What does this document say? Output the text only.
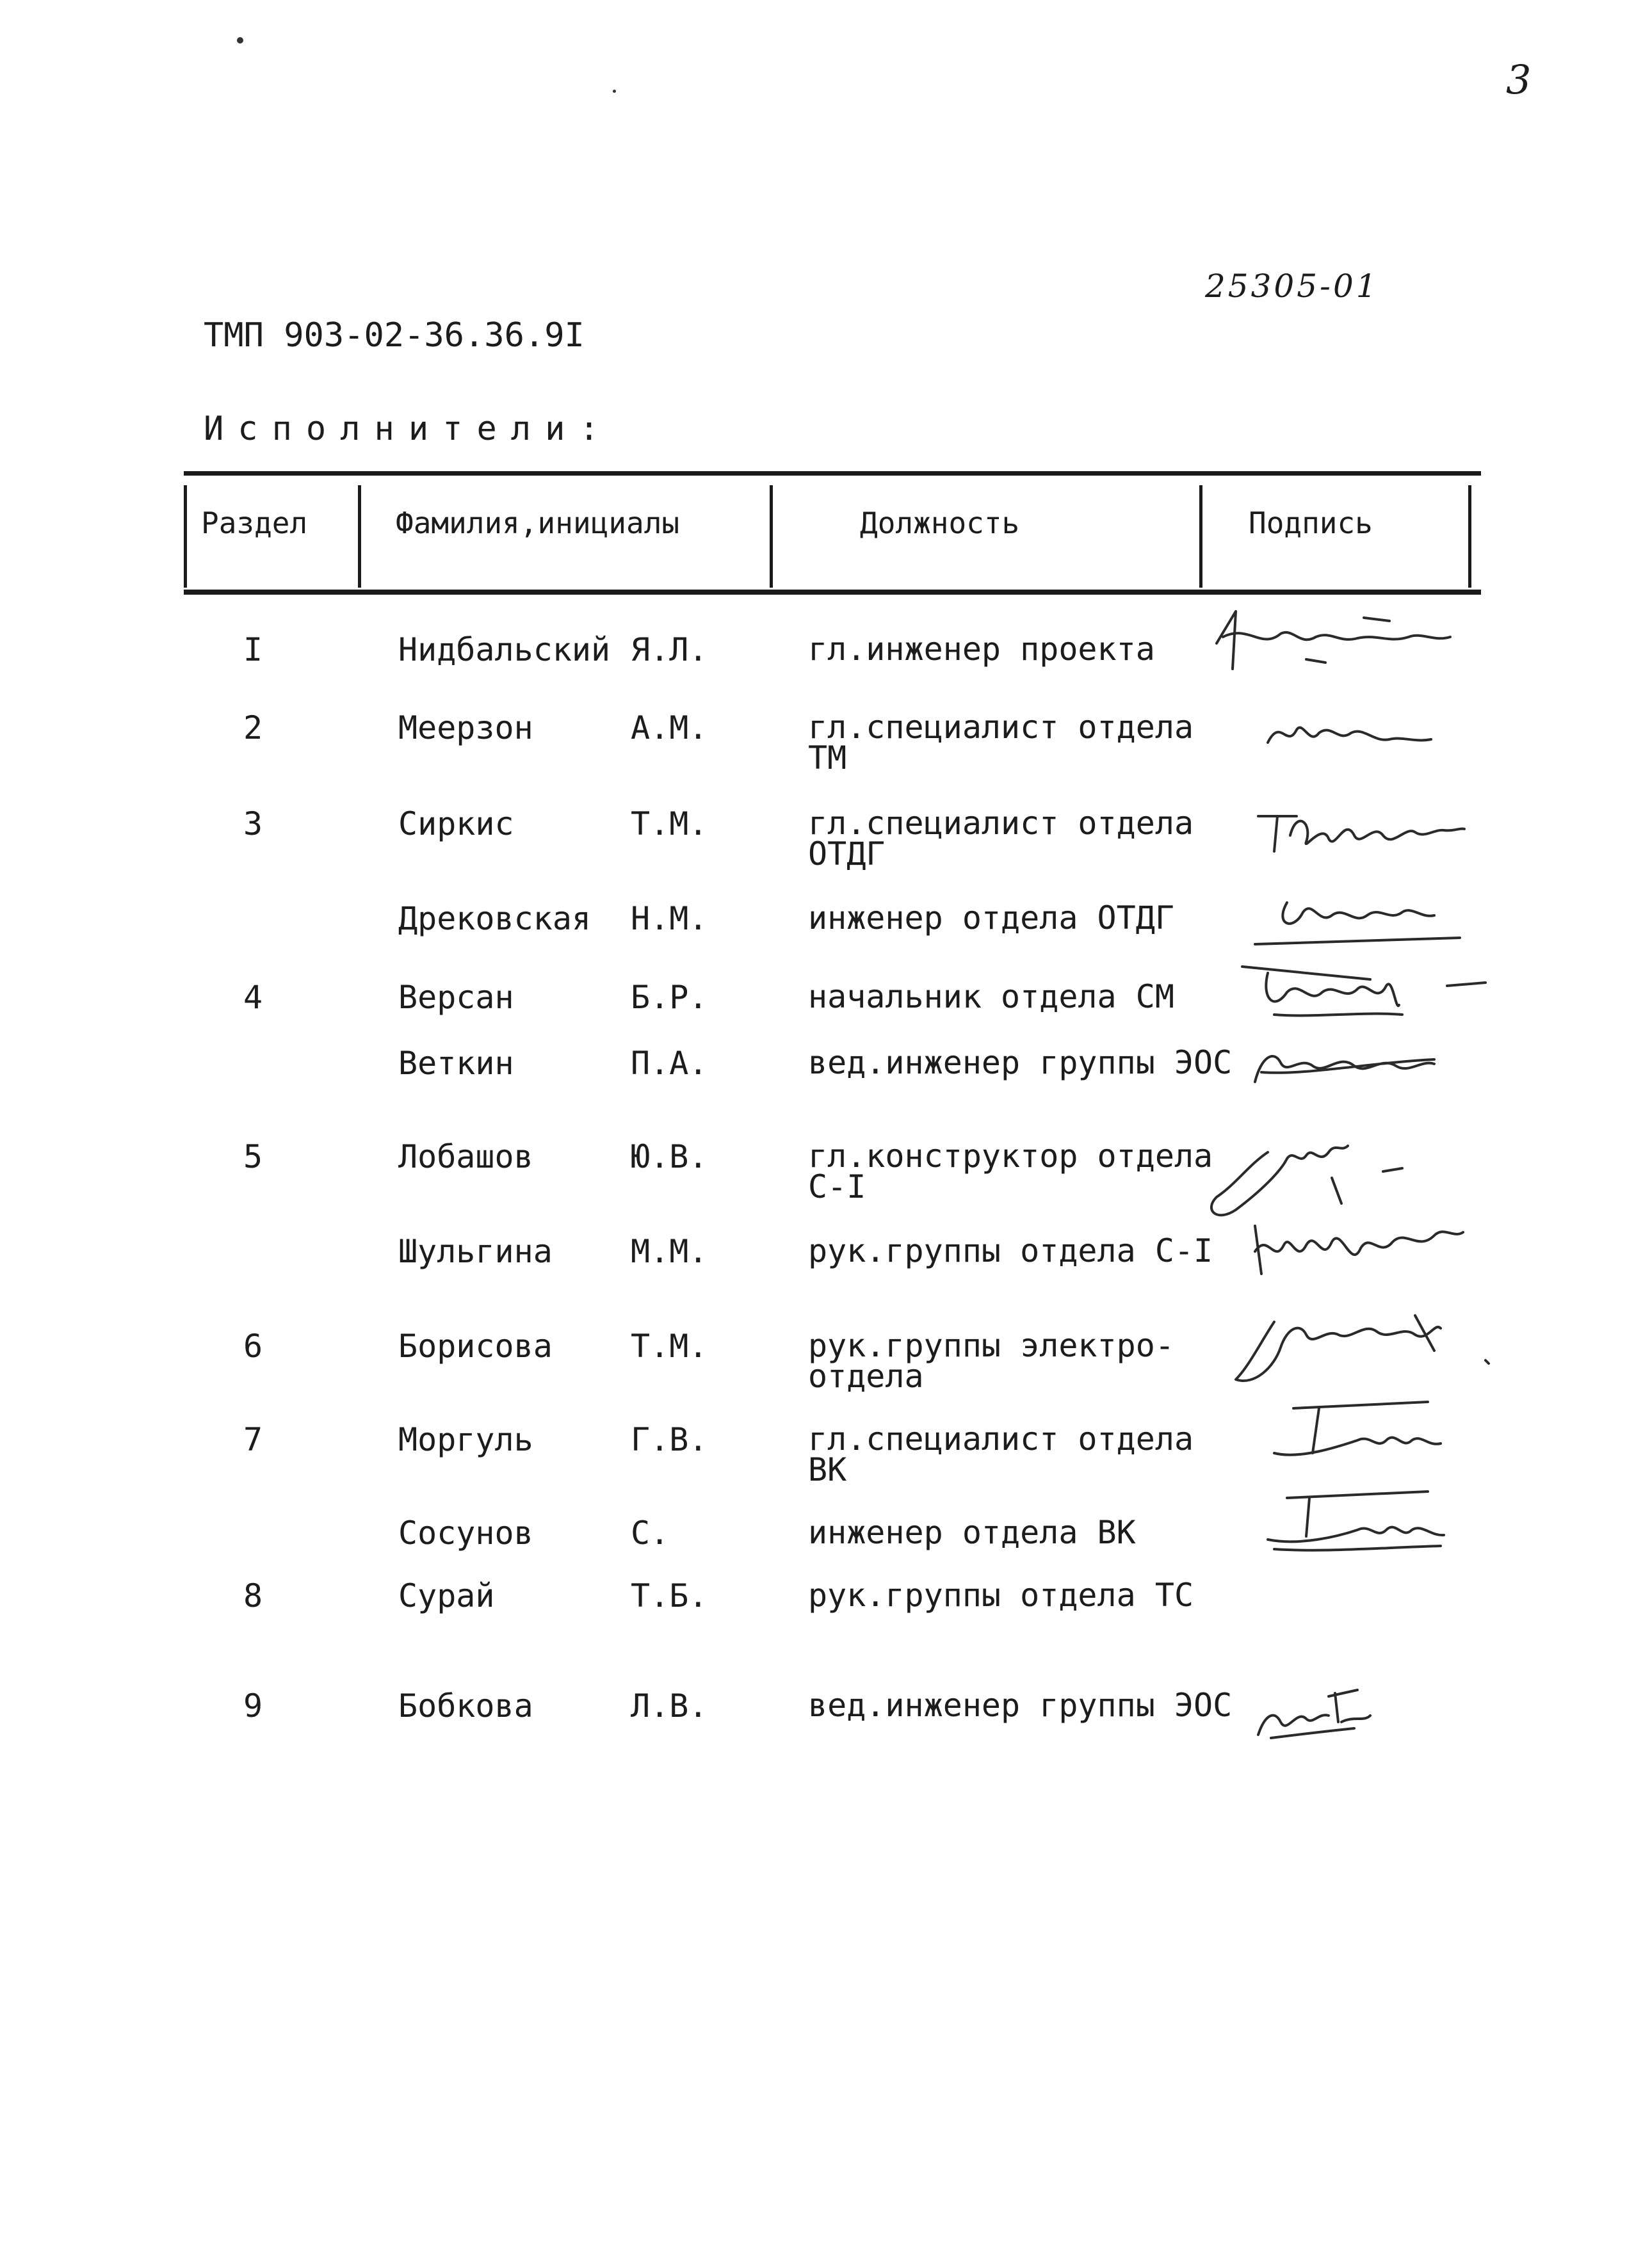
3
25305-01
ТМП 903-02-36.36.9I
Исполнители:
Раздел	Фамилия,инициалы	Должность	Подпись
I	Нидбальский Я.Л.	гл.инженер проекта
2	Меерзон	А.М.	гл.специалист отдела ТМ
3	Сиркис	Т.М.	гл.специалист отдела ОТДГ
Дрековская Н.М.	инженер отдела ОТДГ
4	Версан	Б.Р.	начальник отдела СМ
Веткин	П.А.	вед.инженер группы ЭОС
5	Лобашов	Ю.В.	гл.конструктор отдела С-I
Шульгина М.М.	рук.группы отдела С-I
6	Борисова Т.М.	рук.группы электро- отдела
7	Моргуль	Г.В.	гл.специалист отдела ВК
Сосунов	С.	инженер отдела ВК
8	Сурай	Т.Б.	рук.группы отдела ТС
9	Бобкова	Л.В.	вед.инженер группы ЭОС
